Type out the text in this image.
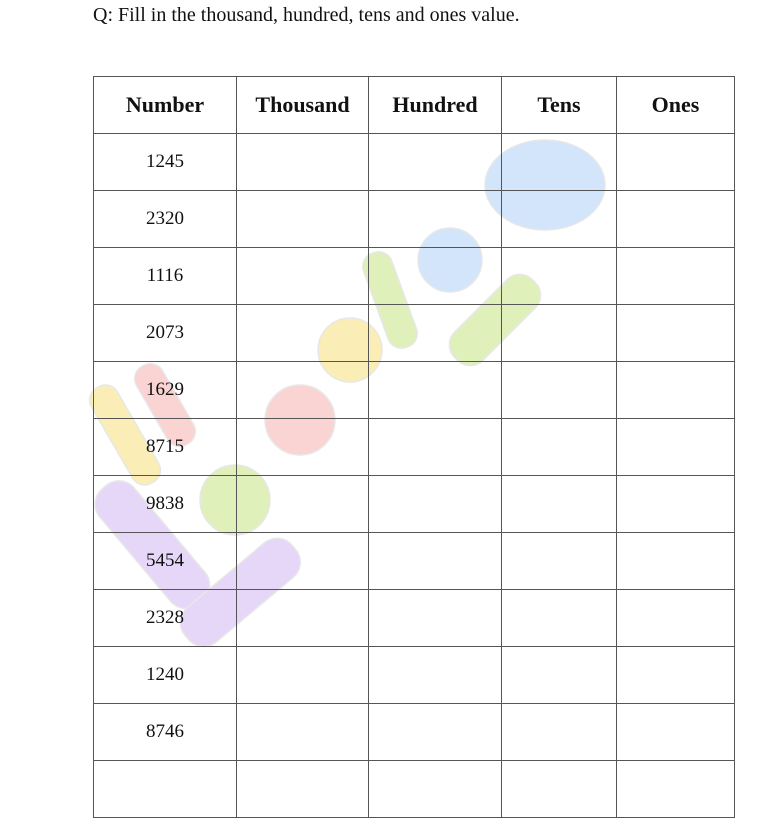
Q: Fill in the thousand, hundred, tens and ones value.
Number	Thousand	Hundred	Tens	Ones
1245				
2320				
1116				
2073				
1629				
8715				
9838				
5454				
2328				
1240				
8746				
